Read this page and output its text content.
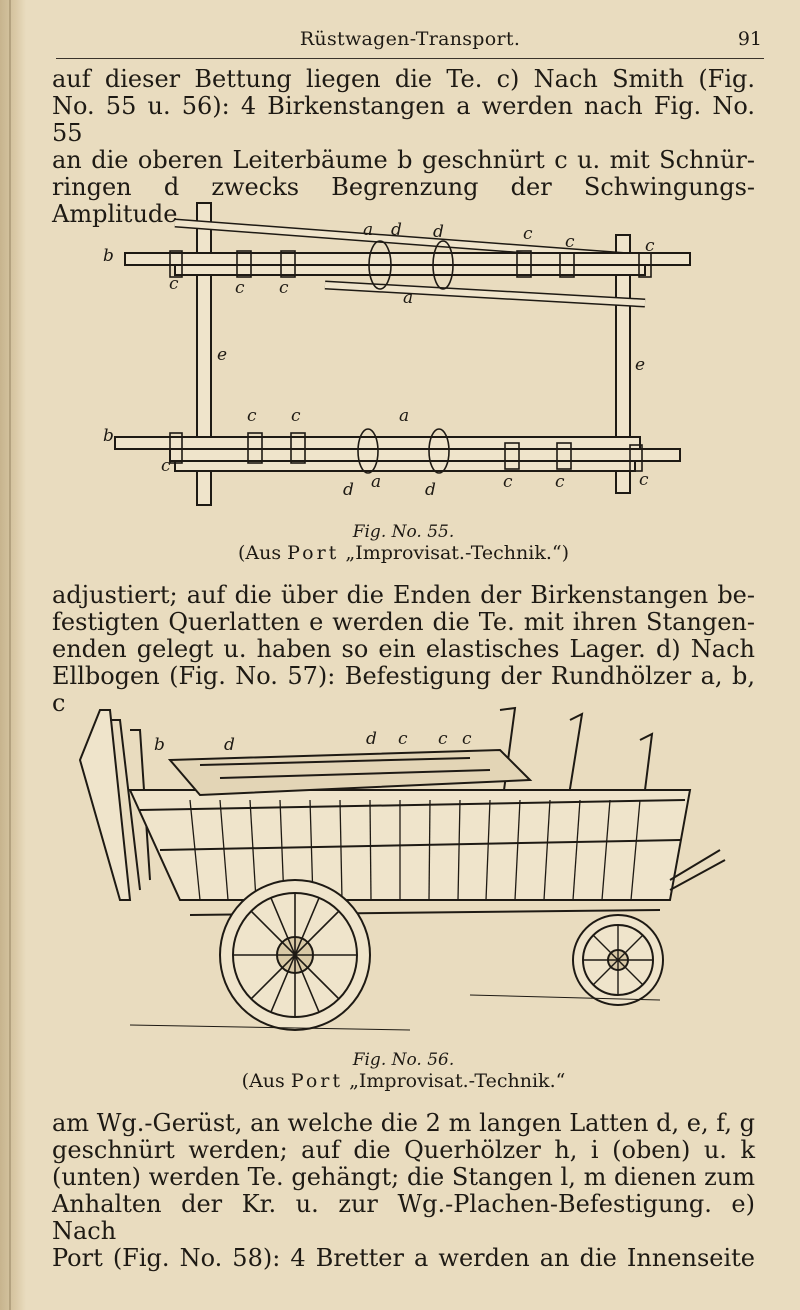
Rüstwagen-Transport.	91
auf dieser Bettung liegen die Te. c) Nach Smith (Fig.
No. 55 u. 56): 4 Birkenstangen a werden nach Fig. No. 55
an die oberen Leiterbäume b geschnürt c u. mit Schnür-
ringen d zwecks Begrenzung der Schwingungs-Amplitude
a d d	c c	c
b
c	c c	a
e	e
c c	a
b
c
d a	d	c c	c
Fig. No. 55.
(Aus Port „Improvisat.-Technik.“)
adjustiert; auf die über die Enden der Birkenstangen be-
festigten Querlatten e werden die Te. mit ihren Stangen-
enden gelegt u. haben so ein elastisches Lager. d) Nach
Ellbogen (Fig. No. 57): Befestigung der Rundhölzer a, b, c
b	d	d c c c
Fig. No. 56.
(Aus Port „Improvisat.-Technik.“
am Wg.-Gerüst, an welche die 2 m langen Latten d, e, f, g
geschnürt werden; auf die Querhölzer h, i (oben) u. k
(unten) werden Te. gehängt; die Stangen l, m dienen zum
Anhalten der Kr. u. zur Wg.-Plachen-Befestigung. e) Nach
Port (Fig. No. 58): 4 Bretter a werden an die Innenseite
